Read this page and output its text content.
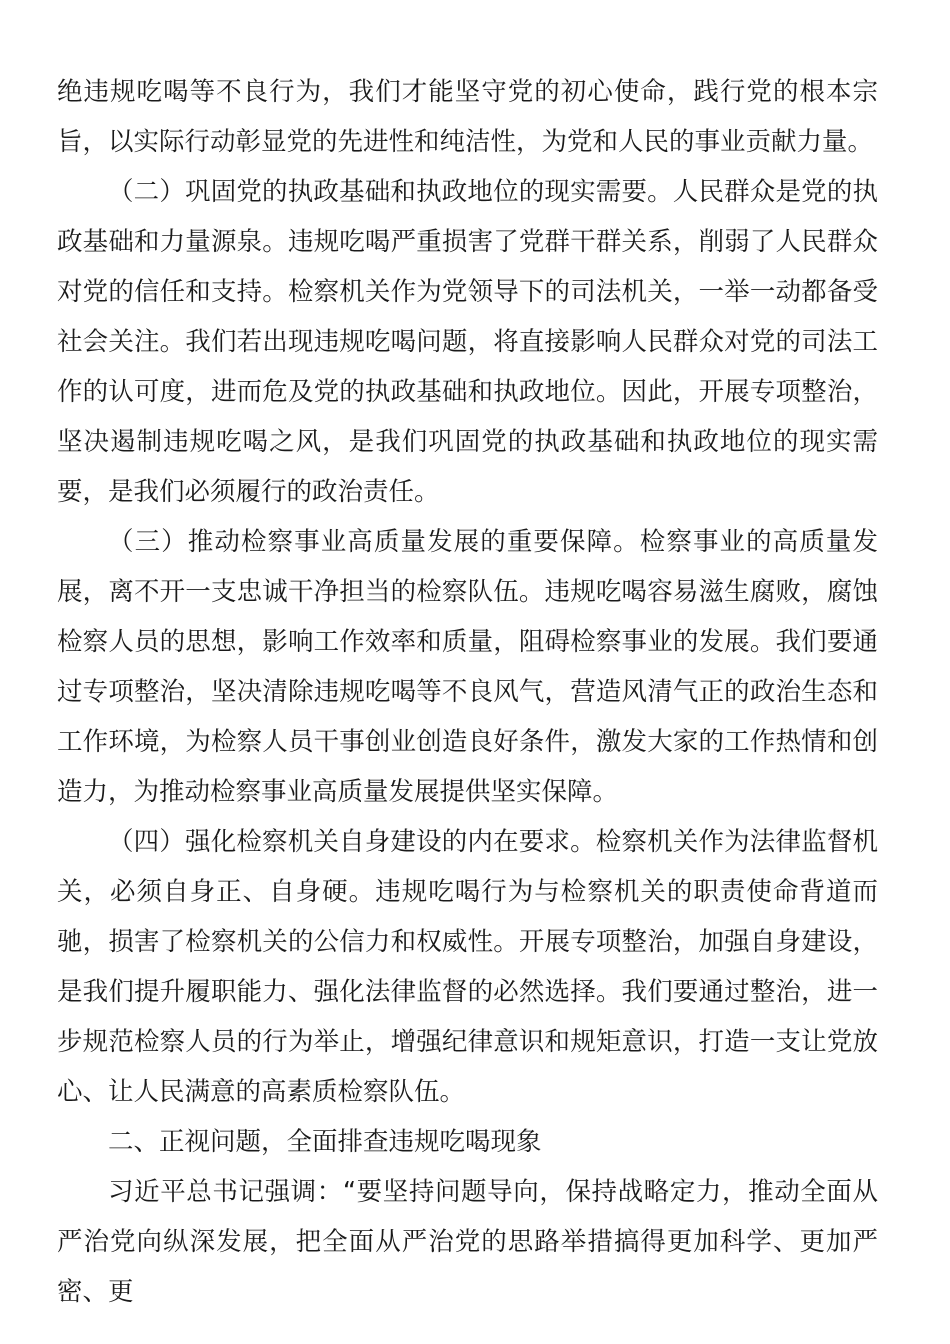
绝违规吃喝等不良行为，我们才能坚守党的初心使命，践行党的根本宗旨，以实际行动彰显党的先进性和纯洁性，为党和人民的事业贡献力量。

（二）巩固党的执政基础和执政地位的现实需要。人民群众是党的执政基础和力量源泉。违规吃喝严重损害了党群干群关系，削弱了人民群众对党的信任和支持。检察机关作为党领导下的司法机关，一举一动都备受社会关注。我们若出现违规吃喝问题，将直接影响人民群众对党的司法工作的认可度，进而危及党的执政基础和执政地位。因此，开展专项整治，坚决遏制违规吃喝之风，是我们巩固党的执政基础和执政地位的现实需要，是我们必须履行的政治责任。

（三）推动检察事业高质量发展的重要保障。检察事业的高质量发展，离不开一支忠诚干净担当的检察队伍。违规吃喝容易滋生腐败，腐蚀检察人员的思想，影响工作效率和质量，阻碍检察事业的发展。我们要通过专项整治，坚决清除违规吃喝等不良风气，营造风清气正的政治生态和工作环境，为检察人员干事创业创造良好条件，激发大家的工作热情和创造力，为推动检察事业高质量发展提供坚实保障。

（四）强化检察机关自身建设的内在要求。检察机关作为法律监督机关，必须自身正、自身硬。违规吃喝行为与检察机关的职责使命背道而驰，损害了检察机关的公信力和权威性。开展专项整治，加强自身建设，是我们提升履职能力、强化法律监督的必然选择。我们要通过整治，进一步规范检察人员的行为举止，增强纪律意识和规矩意识，打造一支让党放心、让人民满意的高素质检察队伍。

二、正视问题，全面排查违规吃喝现象

习近平总书记强调：“要坚持问题导向，保持战略定力，推动全面从严治党向纵深发展，把全面从严治党的思路举措搞得更加科学、更加严密、更
